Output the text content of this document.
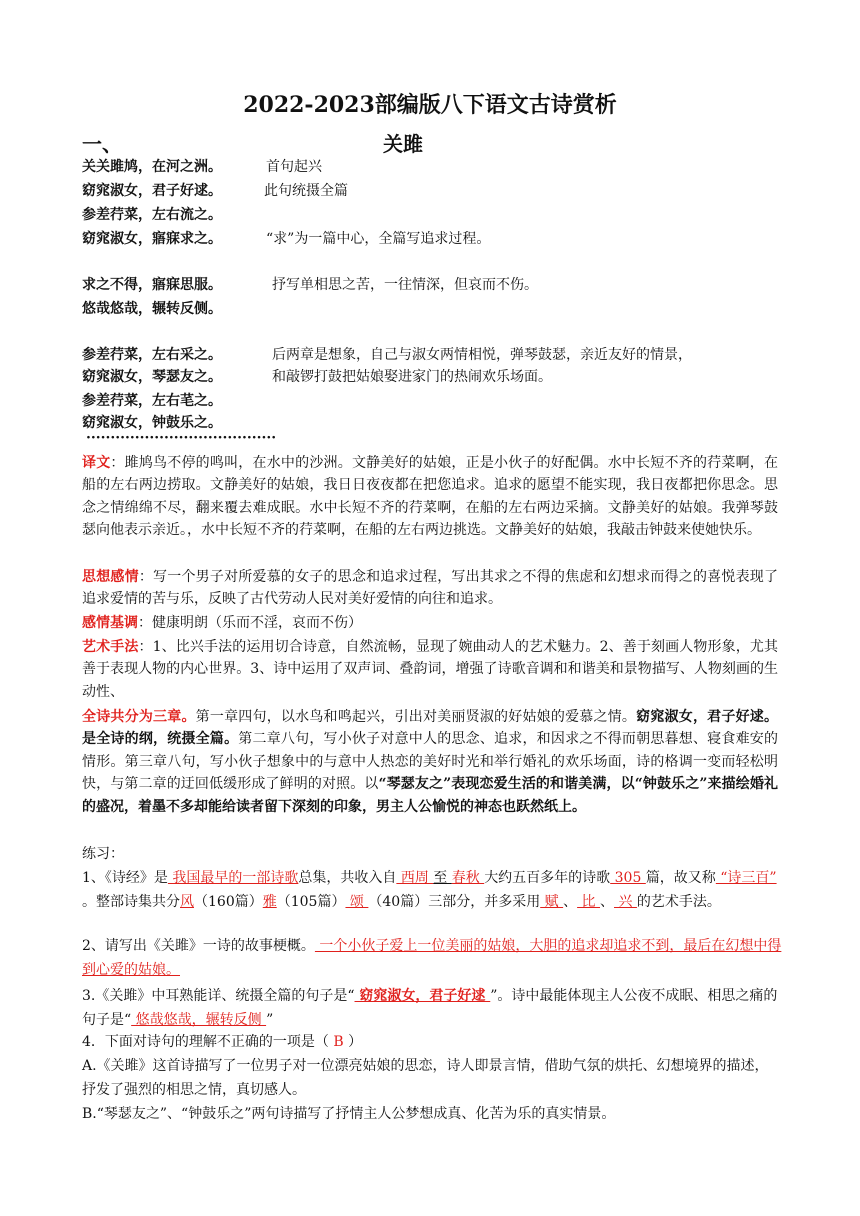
2022-2023部编版八下语文古诗赏析
一、	关雎
关关雎鸠，在河之洲。	首句起兴
窈窕淑女，君子好逑。	此句统摄全篇
参差荇菜，左右流之。
窈窕淑女，寤寐求之。	“求”为一篇中心，全篇写追求过程。
求之不得，寤寐思服。	抒写单相思之苦，一往情深，但哀而不伤。
悠哉悠哉，辗转反侧。
参差荇菜，左右采之。	后两章是想象，自己与淑女两情相悦，弹琴鼓瑟，亲近友好的情景，
窈窕淑女，琴瑟友之。	和敲锣打鼓把姑娘娶进家门的热闹欢乐场面。
参差荇菜，左右芼之。
窈窕淑女，钟鼓乐之。
·······································
译文：雎鸠鸟不停的鸣叫，在水中的沙洲。文静美好的姑娘，正是小伙子的好配偶。水中长短不齐的荇菜啊，在船的左右两边捞取。文静美好的姑娘，我日日夜夜都在把您追求。追求的愿望不能实现，我日夜都把你思念。思念之情绵绵不尽，翻来覆去难成眠。水中长短不齐的荇菜啊，在船的左右两边采摘。文静美好的姑娘。我弹琴鼓瑟向他表示亲近。，水中长短不齐的荇菜啊，在船的左右两边挑选。文静美好的姑娘，我敲击钟鼓来使她快乐。
思想感情：写一个男子对所爱慕的女子的思念和追求过程，写出其求之不得的焦虑和幻想求而得之的喜悦表现了追求爱情的苦与乐，反映了古代劳动人民对美好爱情的向往和追求。
感情基调：健康明朗（乐而不淫，哀而不伤）
艺术手法：1、比兴手法的运用切合诗意，自然流畅，显现了婉曲动人的艺术魅力。2、善于刻画人物形象，尤其善于表现人物的内心世界。3、诗中运用了双声词、叠韵词，增强了诗歌音调和和谐美和景物描写、人物刻画的生动性、
全诗共分为三章。第一章四句，以水鸟和鸣起兴，引出对美丽贤淑的好姑娘的爱慕之情。窈窕淑女，君子好逑。是全诗的纲，统摄全篇。第二章八句，写小伙子对意中人的思念、追求，和因求之不得而朝思暮想、寝食难安的情形。第三章八句，写小伙子想象中的与意中人热恋的美好时光和举行婚礼的欢乐场面，诗的格调一变而轻松明快，与第二章的迂回低缓形成了鲜明的对照。以“琴瑟友之”表现恋爱生活的和谐美满，以“钟鼓乐之”来描绘婚礼的盛况，着墨不多却能给读者留下深刻的印象，男主人公愉悦的神态也跃然纸上。
练习：
1、《诗经》是 我国最早的一部诗歌总集，共收入自 西周 至 春秋 大约五百多年的诗歌 305 篇，故又称 “诗三百” 。整部诗集共分风（160篇）雅（105篇） 颂 （40篇）三部分，并多采用 赋 、 比 、 兴 的艺术手法。
2、请写出《关雎》一诗的故事梗概。 一个小伙子爱上一位美丽的姑娘，大胆的追求却追求不到，最后在幻想中得到心爱的姑娘。
3.《关雎》中耳熟能详、统摄全篇的句子是“ 窈窕淑女，君子好逑 ”。诗中最能体现主人公夜不成眠、相思之痛的句子是“ 悠哉悠哉，辗转反侧 ”
4．下面对诗句的理解不正确的一项是（ B ）
A.《关雎》这首诗描写了一位男子对一位漂亮姑娘的思恋，诗人即景言情，借助气氛的烘托、幻想境界的描述，抒发了强烈的相思之情，真切感人。
B.“琴瑟友之”、“钟鼓乐之”两句诗描写了抒情主人公梦想成真、化苦为乐的真实情景。
